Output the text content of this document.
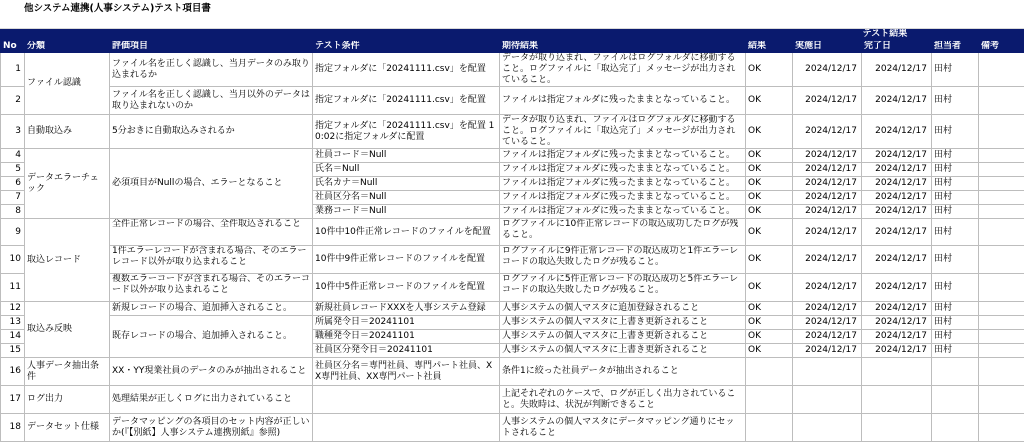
他システム連携(人事システム)テスト項目書

					テスト結果				
No	分類	評価項目	テスト条件	期待結果	結果	実施日	完了日	担当者	備考
1	ファイル認識	ファイル名を正しく認識し、当月データのみ取り込まれるか	指定フォルダに「20241111.csv」を配置	データが取り込まれ、ファイルはログフォルダに移動すること。ログファイルに「取込完了」メッセージが出力されていること。	OK	2024/12/17	2024/12/17	田村	
2		ファイル名を正しく認識し、当月以外のデータは取り込まれないのか	指定フォルダに「20241111.csv」を配置	ファイルは指定フォルダに残ったままとなっていること。	OK	2024/12/17	2024/12/17	田村	
3	自動取込み	5分おきに自動取込みされるか	指定フォルダに「20241111.csv」を配置 10:02に指定フォルダに配置	データが取り込まれ、ファイルはログフォルダに移動すること。ログファイルに「取込完了」メッセージが出力されていること。	OK	2024/12/17	2024/12/17	田村	
4	データエラーチェック	必須項目がNullの場合、エラーとなること	社員コード＝Null	ファイルは指定フォルダに残ったままとなっていること。	OK	2024/12/17	2024/12/17	田村	
5			氏名＝Null	ファイルは指定フォルダに残ったままとなっていること。	OK	2024/12/17	2024/12/17	田村	
6			氏名カナ＝Null	ファイルは指定フォルダに残ったままとなっていること。	OK	2024/12/17	2024/12/17	田村	
7			社員区分名＝Null	ファイルは指定フォルダに残ったままとなっていること。	OK	2024/12/17	2024/12/17	田村	
8			業務コード＝Null	ファイルは指定フォルダに残ったままとなっていること。	OK	2024/12/17	2024/12/17	田村	
9	取込レコード	全件正常レコードの場合、全件取込されること	10件中10件正常レコードのファイルを配置	ログファイルに10件正常レコードの取込成功したログが残ること。	OK	2024/12/17	2024/12/17	田村	
10		1件エラーレコードが含まれる場合、そのエラーレコード以外が取り込まれること	10件中9件正常レコードのファイルを配置	ログファイルに9件正常レコードの取込成功と1件エラーレコードの取込失敗したログが残ること。	OK	2024/12/17	2024/12/17	田村	
11		複数エラーコードが含まれる場合、そのエラーコード以外が取り込まれること	10件中5件正常レコードのファイルを配置	ログファイルに5件正常レコードの取込成功と5件エラーレコードの取込失敗したログが残ること。	OK	2024/12/17	2024/12/17	田村	
12	取込み反映	新規レコードの場合、追加挿入されること。	新規社員レコードXXXを人事システム登録	人事システムの個人マスタに追加登録されること	OK	2024/12/17	2024/12/17	田村	
13		既存レコードの場合、追加挿入されること。	所属発令日＝20241101	人事システムの個人マスタに上書き更新されること	OK	2024/12/17	2024/12/17	田村	
14			職種発令日＝20241101	人事システムの個人マスタに上書き更新されること	OK	2024/12/17	2024/12/17	田村	
15			社員区分発令日＝20241101	人事システムの個人マスタに上書き更新されること	OK	2024/12/17	2024/12/17	田村	
16	人事データ抽出条件	XX・YY現業社員のデータのみが抽出されること	社員区分名＝専門社員、専門パート社員、XX専門社員、XX専門パート社員	条件1に絞った社員データが抽出されること					
17	ログ出力	処理結果が正しくログに出力されていること		上記それぞれのケースで、ログが正しく出力されていること。失敗時は、状況が判断できること					
18	データセット仕様	データマッピングの各項目のセット内容が正しいか(『【別紙】人事システム連携別紙』参照)		人事システムの個人マスタにデータマッピング通りにセットされること					
